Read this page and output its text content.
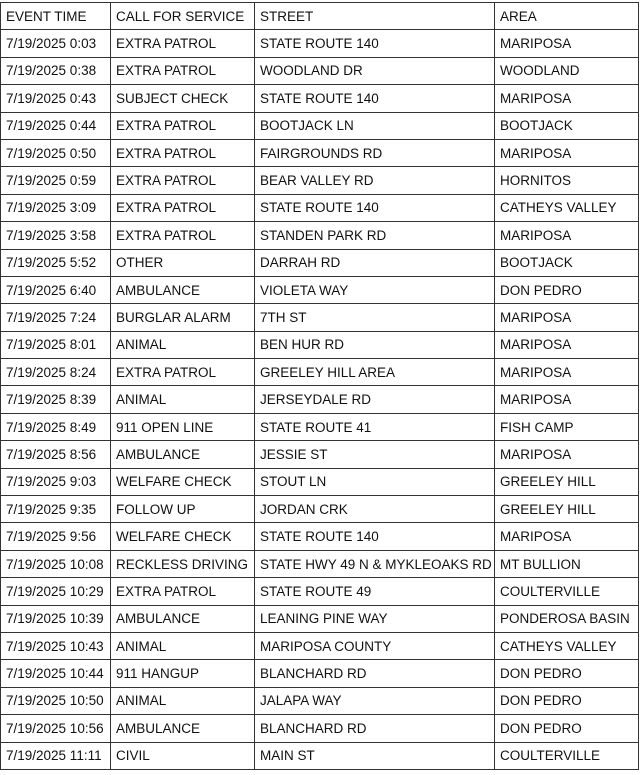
EVENT TIME	CALL FOR SERVICE	STREET	AREA
7/19/2025 0:03	EXTRA PATROL	STATE ROUTE 140	MARIPOSA
7/19/2025 0:38	EXTRA PATROL	WOODLAND DR	WOODLAND
7/19/2025 0:43	SUBJECT CHECK	STATE ROUTE 140	MARIPOSA
7/19/2025 0:44	EXTRA PATROL	BOOTJACK LN	BOOTJACK
7/19/2025 0:50	EXTRA PATROL	FAIRGROUNDS RD	MARIPOSA
7/19/2025 0:59	EXTRA PATROL	BEAR VALLEY RD	HORNITOS
7/19/2025 3:09	EXTRA PATROL	STATE ROUTE 140	CATHEYS VALLEY
7/19/2025 3:58	EXTRA PATROL	STANDEN PARK RD	MARIPOSA
7/19/2025 5:52	OTHER	DARRAH RD	BOOTJACK
7/19/2025 6:40	AMBULANCE	VIOLETA WAY	DON PEDRO
7/19/2025 7:24	BURGLAR ALARM	7TH ST	MARIPOSA
7/19/2025 8:01	ANIMAL	BEN HUR RD	MARIPOSA
7/19/2025 8:24	EXTRA PATROL	GREELEY HILL AREA	MARIPOSA
7/19/2025 8:39	ANIMAL	JERSEYDALE RD	MARIPOSA
7/19/2025 8:49	911 OPEN LINE	STATE ROUTE 41	FISH CAMP
7/19/2025 8:56	AMBULANCE	JESSIE ST	MARIPOSA
7/19/2025 9:03	WELFARE CHECK	STOUT LN	GREELEY HILL
7/19/2025 9:35	FOLLOW UP	JORDAN CRK	GREELEY HILL
7/19/2025 9:56	WELFARE CHECK	STATE ROUTE 140	MARIPOSA
7/19/2025 10:08	RECKLESS DRIVING	STATE HWY 49 N & MYKLEOAKS RD	MT BULLION
7/19/2025 10:29	EXTRA PATROL	STATE ROUTE 49	COULTERVILLE
7/19/2025 10:39	AMBULANCE	LEANING PINE WAY	PONDEROSA BASIN
7/19/2025 10:43	ANIMAL	MARIPOSA COUNTY	CATHEYS VALLEY
7/19/2025 10:44	911 HANGUP	BLANCHARD RD	DON PEDRO
7/19/2025 10:50	ANIMAL	JALAPA WAY	DON PEDRO
7/19/2025 10:56	AMBULANCE	BLANCHARD RD	DON PEDRO
7/19/2025 11:11	CIVIL	MAIN ST	COULTERVILLE
